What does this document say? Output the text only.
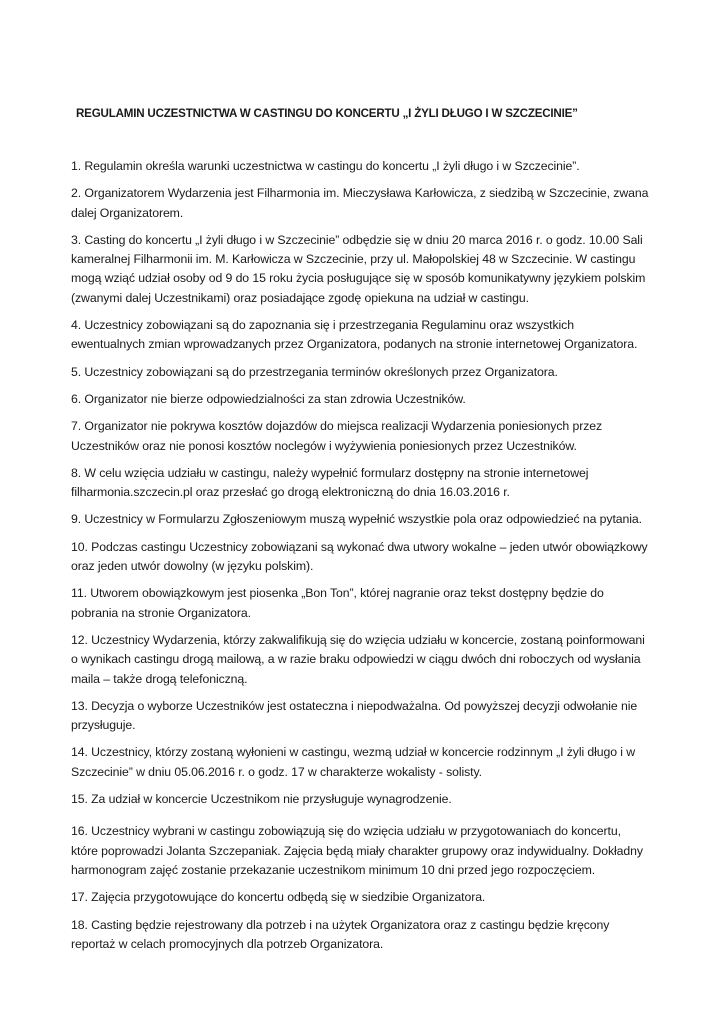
REGULAMIN UCZESTNICTWA W CASTINGU DO KONCERTU „I ŻYLI DŁUGO I W SZCZECINIE”
1. Regulamin określa warunki uczestnictwa w castingu do koncertu „I żyli długo i w Szczecinie”.
2. Organizatorem Wydarzenia jest Filharmonia im. Mieczysława Karłowicza, z siedzibą w Szczecinie, zwana dalej Organizatorem.
3. Casting do koncertu „I żyli długo i w Szczecinie” odbędzie się w dniu 20 marca 2016 r. o godz. 10.00 Sali kameralnej Filharmonii im. M. Karłowicza w Szczecinie, przy ul. Małopolskiej 48 w Szczecinie. W castingu mogą wziąć udział osoby od 9 do 15 roku życia posługujące się w sposób komunikatywny językiem polskim (zwanymi dalej Uczestnikami) oraz posiadające zgodę opiekuna na udział w castingu.
4. Uczestnicy zobowiązani są do zapoznania się i przestrzegania Regulaminu oraz wszystkich ewentualnych zmian wprowadzanych przez Organizatora, podanych na stronie internetowej Organizatora.
5. Uczestnicy zobowiązani są do przestrzegania terminów określonych przez Organizatora.
6. Organizator nie bierze odpowiedzialności za stan zdrowia Uczestników.
7. Organizator nie pokrywa kosztów dojazdów do miejsca realizacji Wydarzenia poniesionych przez Uczestników oraz nie ponosi kosztów noclegów i wyżywienia poniesionych przez Uczestników.
8. W celu wzięcia udziału w castingu, należy wypełnić formularz dostępny na stronie internetowej filharmonia.szczecin.pl oraz przesłać go drogą elektroniczną do dnia 16.03.2016 r.
9. Uczestnicy w Formularzu Zgłoszeniowym muszą wypełnić wszystkie pola oraz odpowiedzieć na pytania.
10. Podczas castingu Uczestnicy zobowiązani są wykonać dwa utwory wokalne – jeden utwór obowiązkowy oraz jeden utwór dowolny (w języku polskim).
11. Utworem obowiązkowym jest piosenka „Bon Ton”, której nagranie oraz tekst dostępny będzie do pobrania na stronie Organizatora.
12. Uczestnicy Wydarzenia, którzy zakwalifikują się do wzięcia udziału w koncercie, zostaną poinformowani o wynikach castingu drogą mailową, a w razie braku odpowiedzi w ciągu dwóch dni roboczych od wysłania maila – także drogą telefoniczną.
13. Decyzja o wyborze Uczestników jest ostateczna i niepodważalna. Od powyższej decyzji odwołanie nie przysługuje.
14. Uczestnicy, którzy zostaną wyłonieni w castingu, wezmą udział w koncercie rodzinnym „I żyli długo i w Szczecinie” w dniu 05.06.2016 r. o godz. 17 w charakterze wokalisty - solisty.
15. Za udział w koncercie Uczestnikom nie przysługuje wynagrodzenie.
16. Uczestnicy wybrani w castingu zobowiązują się do wzięcia udziału w przygotowaniach do koncertu, które poprowadzi Jolanta Szczepaniak. Zajęcia będą miały charakter grupowy oraz indywidualny. Dokładny harmonogram zajęć zostanie przekazanie uczestnikom minimum 10 dni przed jego rozpoczęciem.
17. Zajęcia przygotowujące do koncertu odbędą się w siedzibie Organizatora.
18. Casting będzie rejestrowany dla potrzeb i na użytek Organizatora oraz z castingu będzie kręcony reportaż w celach promocyjnych dla potrzeb Organizatora.
